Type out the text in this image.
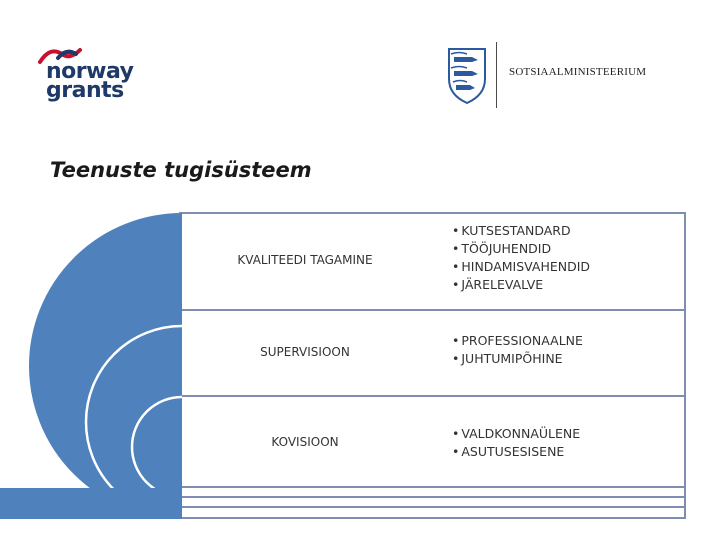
norway
grants
SOTSIAALMINISTEERIUM
Teenuste tugisüsteem
KVALITEEDI TAGAMINE
SUPERVISIOON
KOVISIOON
• KUTSESTANDARD
• TÖÖJUHENDID
• HINDAMISVAHENDID
• JÄRELEVALVE
• PROFESSIONAALNE
• JUHTUMIPÕHINE
• VALDKONNAÜLENE
• ASUTUSESISENE
